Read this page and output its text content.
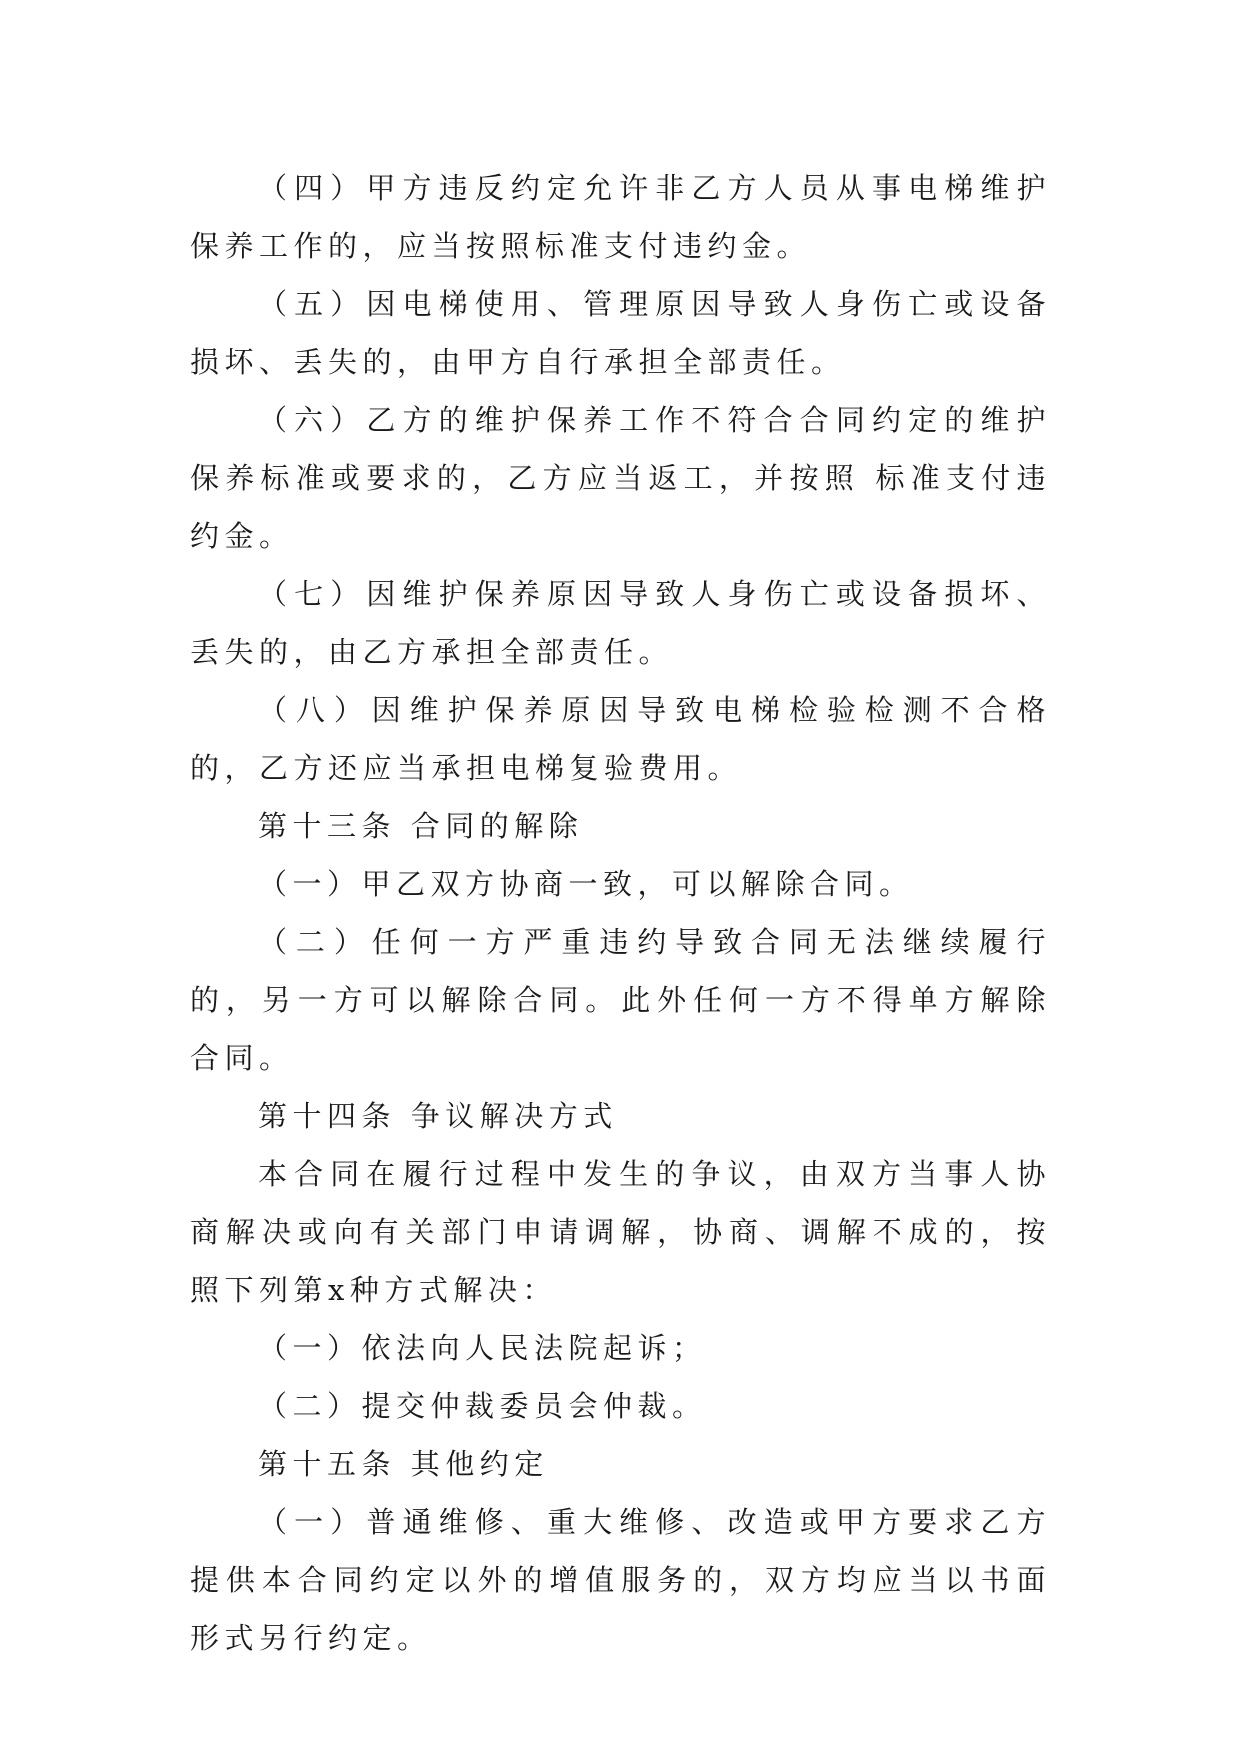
（四）甲方违反约定允许非乙方人员从事电梯维护保养工作的，应当按照标准支付违约金。

（五）因电梯使用、管理原因导致人身伤亡或设备损坏、丢失的，由甲方自行承担全部责任。

（六）乙方的维护保养工作不符合合同约定的维护保养标准或要求的，乙方应当返工，并按照 标准支付违约金。

（七）因维护保养原因导致人身伤亡或设备损坏、丢失的，由乙方承担全部责任。

（八）因维护保养原因导致电梯检验检测不合格的，乙方还应当承担电梯复验费用。

第十三条 合同的解除

（一）甲乙双方协商一致，可以解除合同。

（二）任何一方严重违约导致合同无法继续履行的，另一方可以解除合同。此外任何一方不得单方解除合同。

第十四条 争议解决方式

本合同在履行过程中发生的争议，由双方当事人协商解决或向有关部门申请调解，协商、调解不成的，按照下列第x种方式解决：

（一）依法向人民法院起诉；

（二）提交仲裁委员会仲裁。

第十五条 其他约定

（一）普通维修、重大维修、改造或甲方要求乙方提供本合同约定以外的增值服务的，双方均应当以书面形式另行约定。
